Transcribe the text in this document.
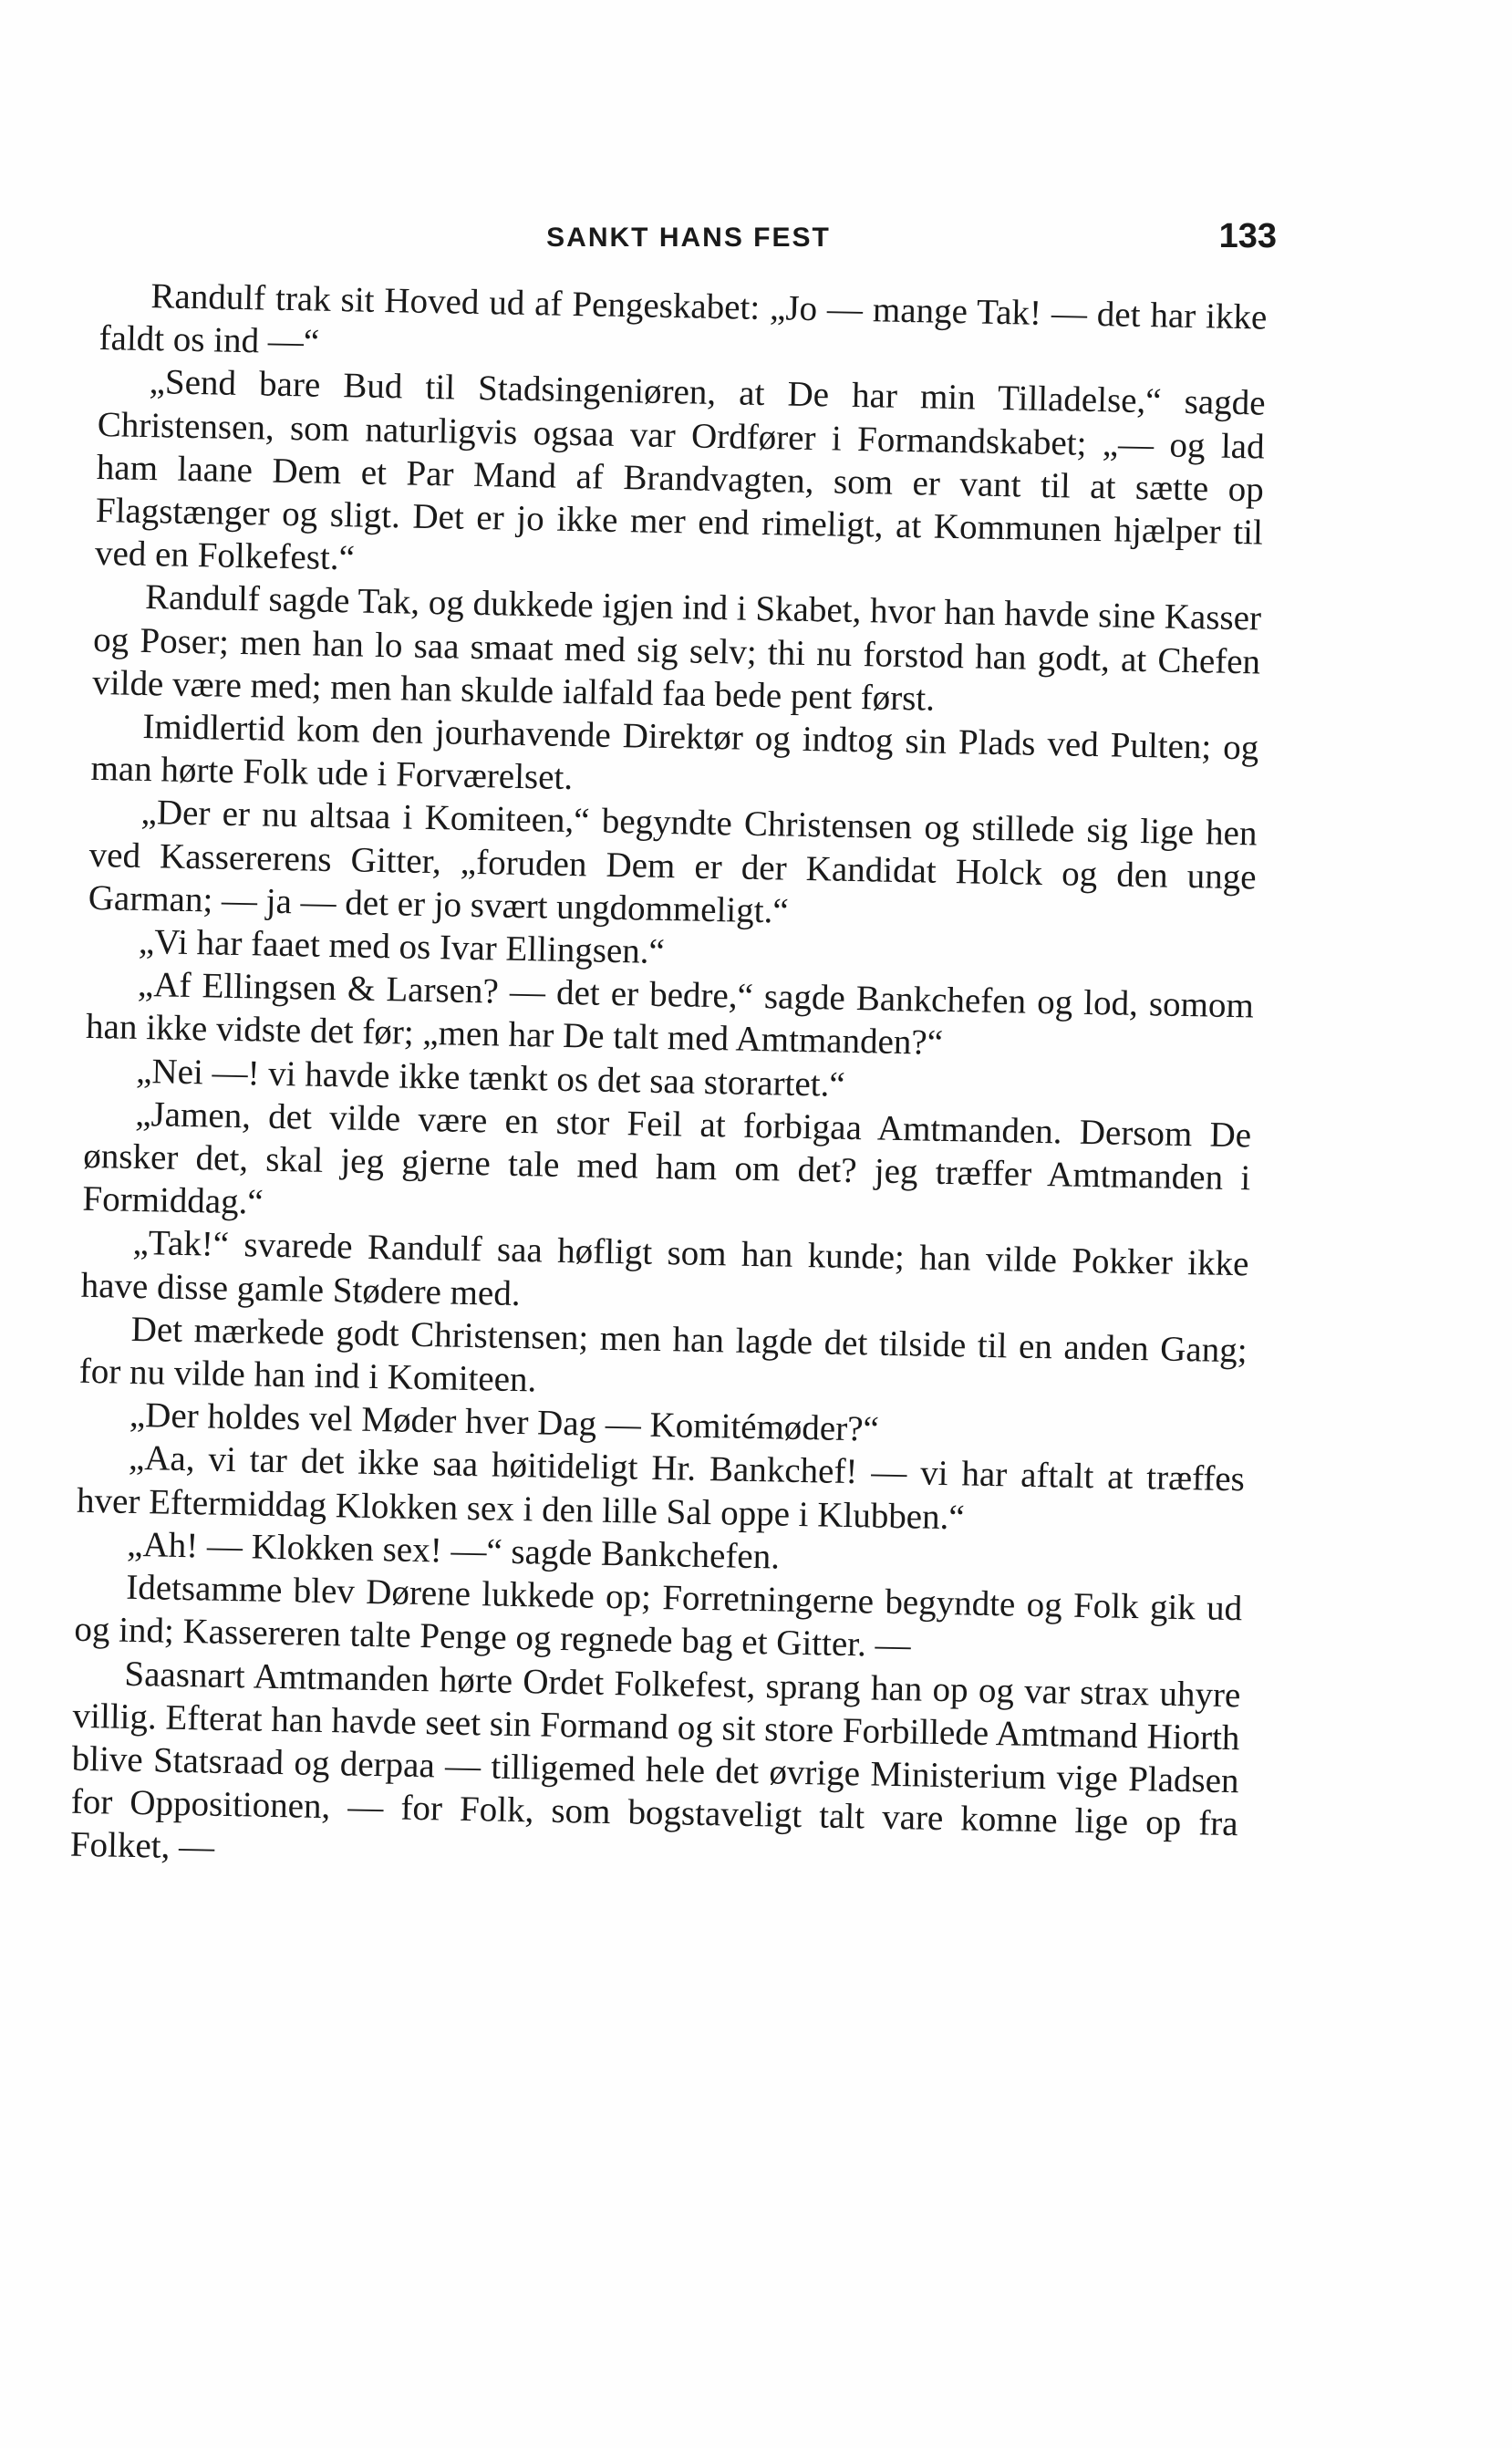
SANKT HANS FEST	133

Randulf trak sit Hoved ud af Pengeskabet: „Jo — mange Tak! — det har ikke faldt os ind —“

„Send bare Bud til Stadsingeniøren, at De har min Tilladelse,“ sagde Christensen, som naturligvis ogsaa var Ordfører i Formandskabet; „— og lad ham laane Dem et Par Mand af Brandvagten, som er vant til at sætte op Flagstænger og sligt. Det er jo ikke mer end rimeligt, at Kommunen hjælper til ved en Folkefest.“

Randulf sagde Tak, og dukkede igjen ind i Skabet, hvor han havde sine Kasser og Poser; men han lo saa smaat med sig selv; thi nu forstod han godt, at Chefen vilde være med; men han skulde ialfald faa bede pent først.

Imidlertid kom den jourhavende Direktør og indtog sin Plads ved Pulten; og man hørte Folk ude i Forværelset.

„Der er nu altsaa i Komiteen,“ begyndte Christensen og stillede sig lige hen ved Kassererens Gitter, „foruden Dem er der Kandidat Holck og den unge Garman; — ja — det er jo svært ungdommeligt.“

„Vi har faaet med os Ivar Ellingsen.“

„Af Ellingsen & Larsen? — det er bedre,“ sagde Bankchefen og lod, somom han ikke vidste det før; „men har De talt med Amtmanden?“

„Nei —! vi havde ikke tænkt os det saa storartet.“

„Jamen, det vilde være en stor Feil at forbigaa Amtmanden. Dersom De ønsker det, skal jeg gjerne tale med ham om det? jeg træffer Amtmanden i Formiddag.“

„Tak!“ svarede Randulf saa høfligt som han kunde; han vilde Pokker ikke have disse gamle Stødere med.

Det mærkede godt Christensen; men han lagde det tilside til en anden Gang; for nu vilde han ind i Komiteen.

„Der holdes vel Møder hver Dag — Komitémøder?“

„Aa, vi tar det ikke saa høitideligt Hr. Bankchef! — vi har aftalt at træffes hver Eftermiddag Klokken sex i den lille Sal oppe i Klubben.“

„Ah! — Klokken sex! —“ sagde Bankchefen.

Idetsamme blev Dørene lukkede op; Forretningerne begyndte og Folk gik ud og ind; Kassereren talte Penge og regnede bag et Gitter. —

Saasnart Amtmanden hørte Ordet Folkefest, sprang han op og var strax uhyre villig. Efterat han havde seet sin Formand og sit store Forbillede Amtmand Hiorth blive Statsraad og derpaa — tilligemed hele det øvrige Ministerium vige Pladsen for Oppositionen, — for Folk, som bogstaveligt talt vare komne lige op fra Folket, —
